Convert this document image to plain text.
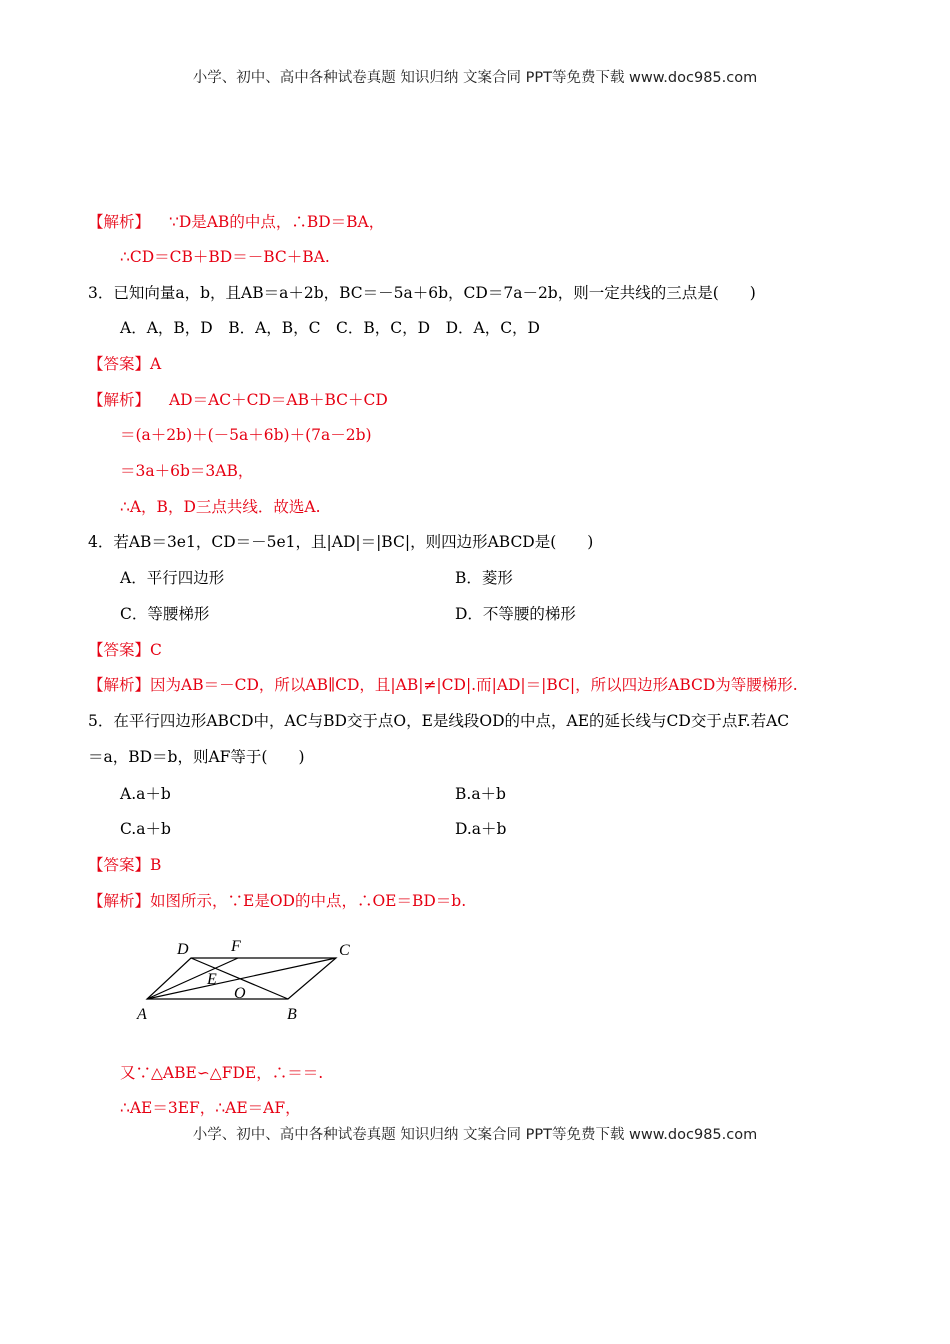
小学、初中、高中各种试卷真题 知识归纳 文案合同 PPT等免费下载 www.doc985.com
【解析】 ∵D是AB的中点，∴BD＝BA，
∴CD＝CB＋BD＝－BC＋BA.
3．已知向量a，b，且AB＝a＋2b，BC＝－5a＋6b，CD＝7a－2b，则一定共线的三点是(　　)
A．A，B，D　B．A，B，C　C．B，C，D　D．A，C，D
【答案】A
【解析】 AD＝AC＋CD＝AB＋BC＋CD
＝(a＋2b)＋(－5a＋6b)＋(7a－2b)
＝3a＋6b＝3AB，
∴A，B，D三点共线．故选A.
4．若AB＝3e1，CD＝－5e1，且|AD|＝|BC|，则四边形ABCD是(　　)
A．平行四边形	B．菱形
C．等腰梯形	D．不等腰的梯形
【答案】C
【解析】因为AB＝－CD，所以AB∥CD，且|AB|≠|CD|.而|AD|＝|BC|，所以四边形ABCD为等腰梯形.
5．在平行四边形ABCD中，AC与BD交于点O，E是线段OD的中点，AE的延长线与CD交于点F.若AC
＝a，BD＝b，则AF等于(　　)
A.a＋b	B.a＋b
C.a＋b	D.a＋b
【答案】B
【解析】如图所示，∵E是OD的中点，∴OE＝BD＝b.
D	F	C
E
O
A	B
又∵△ABE∽△FDE，∴＝＝.
∴AE＝3EF，∴AE＝AF，
小学、初中、高中各种试卷真题 知识归纳 文案合同 PPT等免费下载 www.doc985.com
